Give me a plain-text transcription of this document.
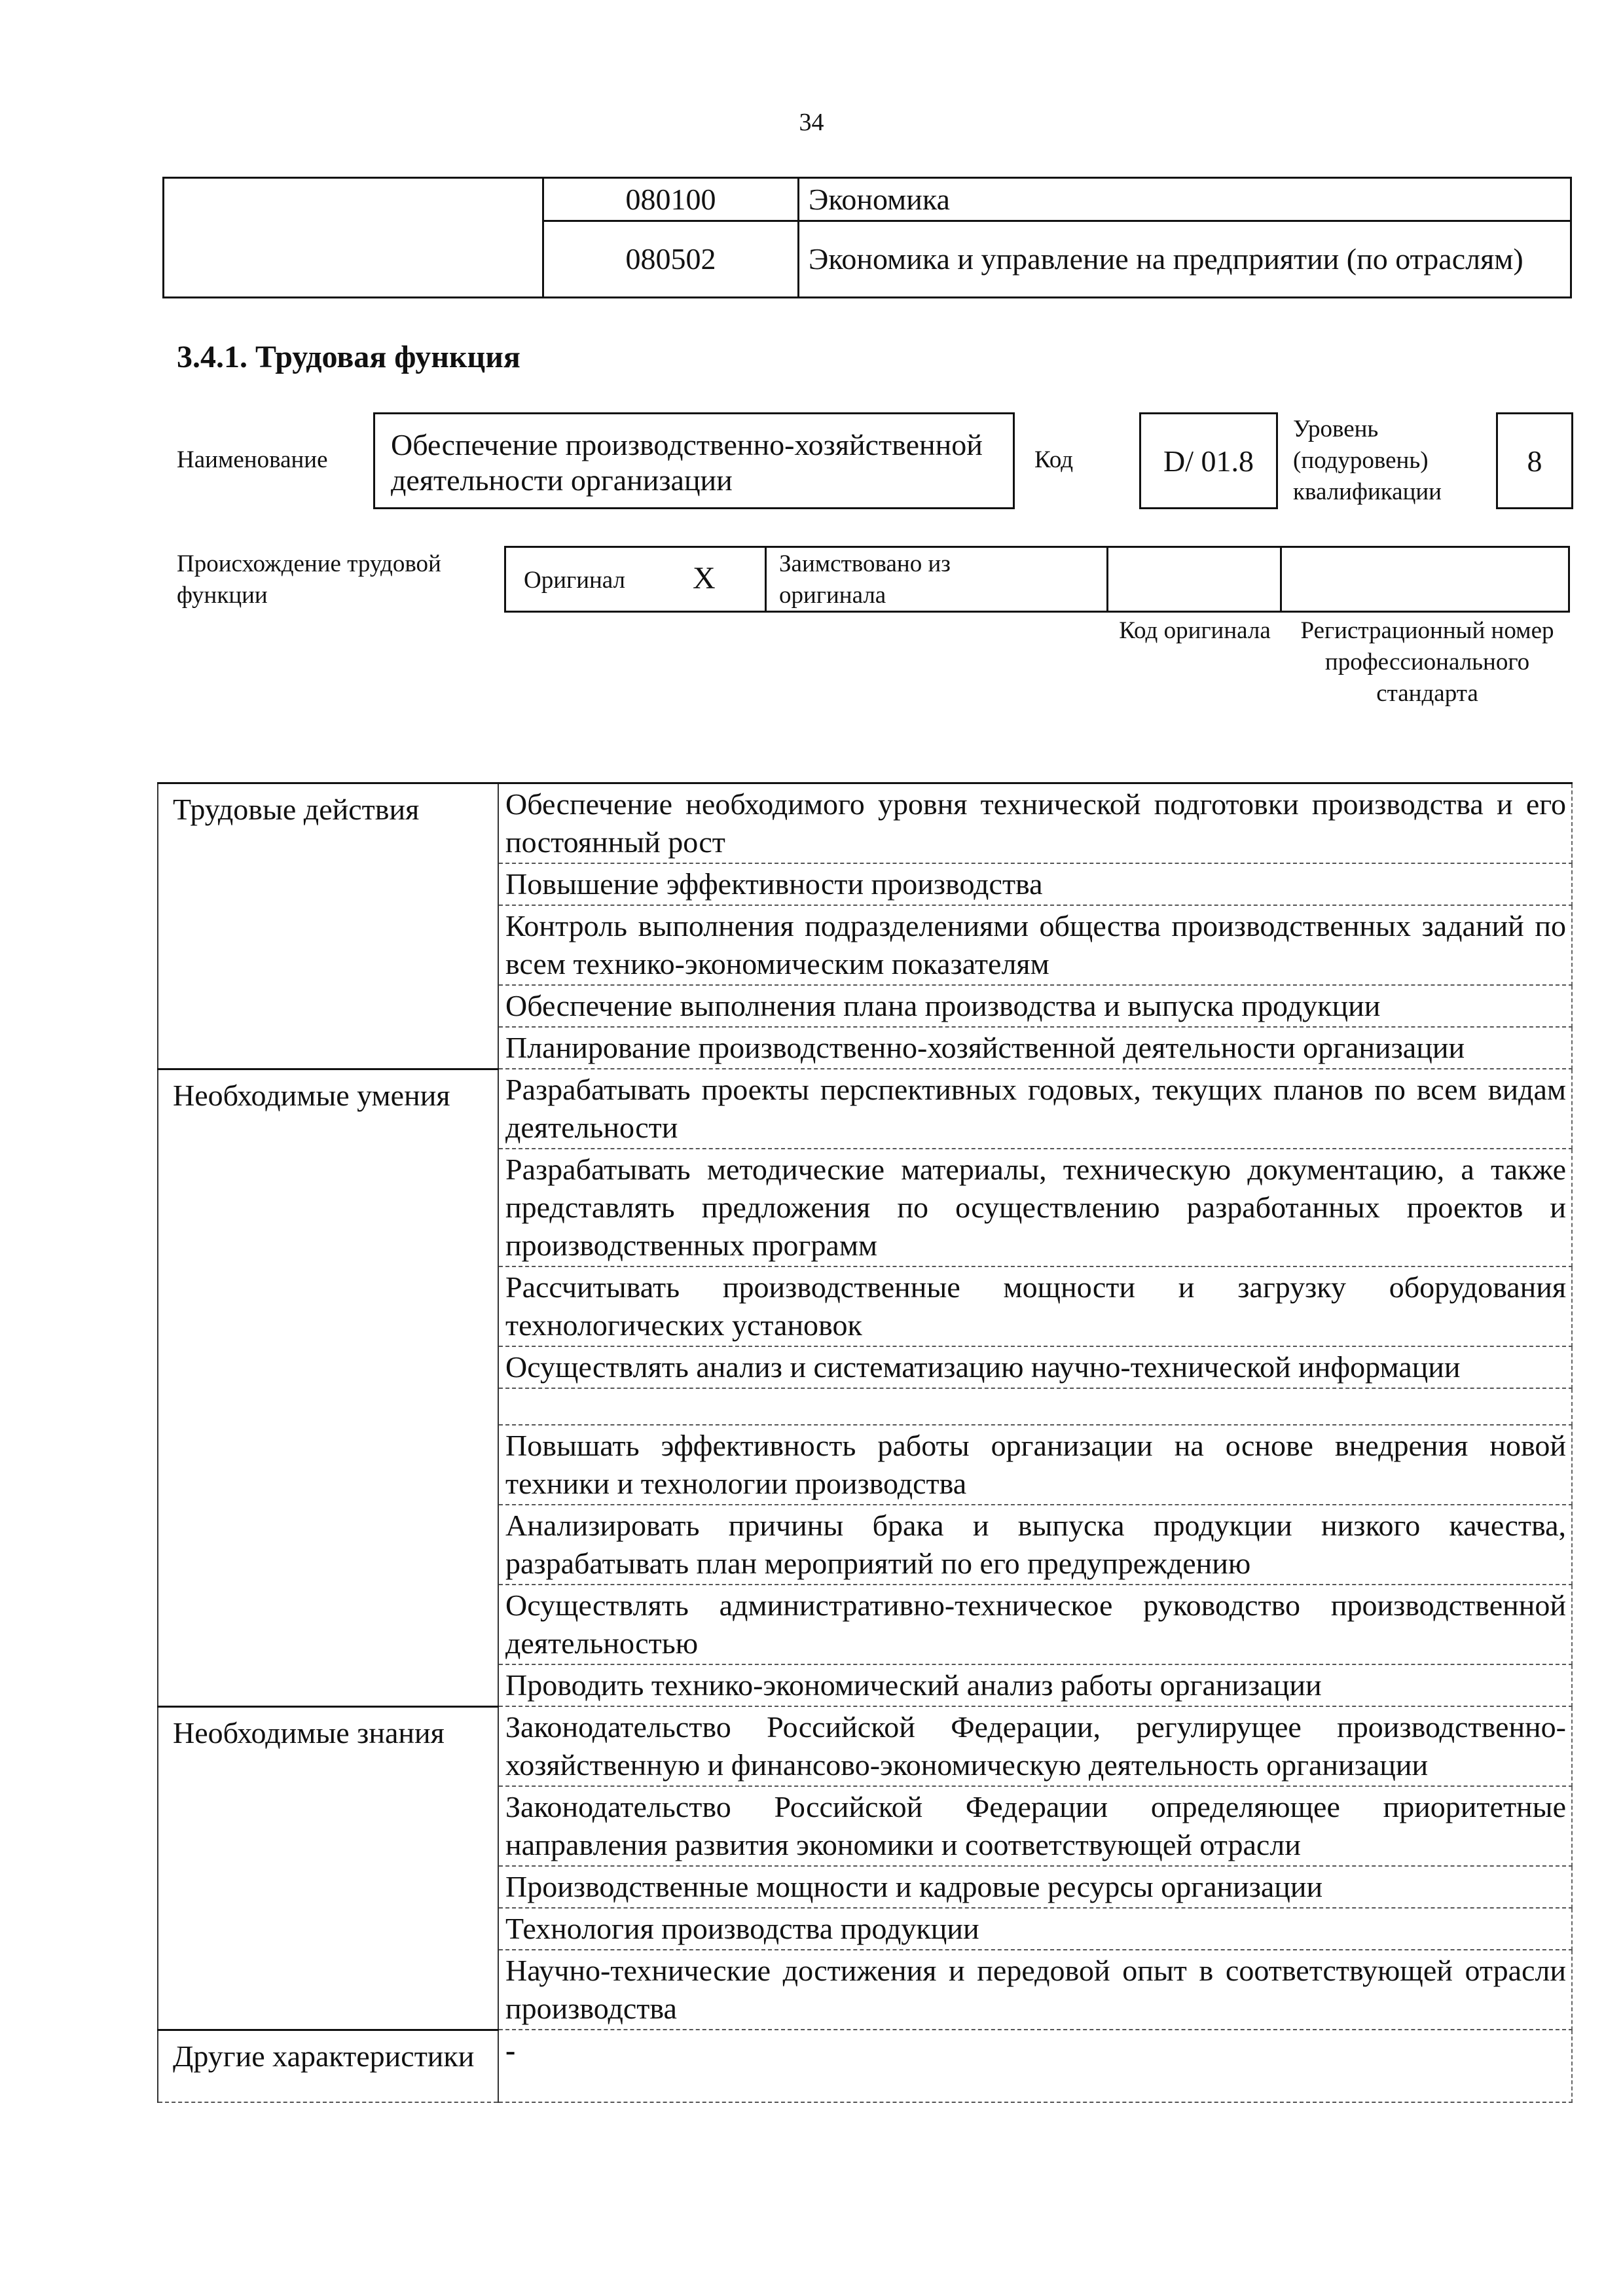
34
	080100	Экономика
	080502	Экономика и управление на предприятии (по отраслям)
3.4.1. Трудовая функция
Наименование	Обеспечение производственно-хозяйственной деятельности организации
Код	D/ 01.8
Уровень (подуровень) квалификации
8
Происхождение трудовой функции
Оригинал X	Заимствовано из оригинала
Код оригинала	Регистрационный номер профессионального стандарта
Трудовые действия	Обеспечение необходимого уровня технической подготовки производства и его постоянный рост
	Повышение эффективности производства
	Контроль выполнения подразделениями общества производственных заданий по всем технико-экономическим показателям
	Обеспечение выполнения плана производства и выпуска продукции
	Планирование производственно-хозяйственной деятельности организации
Необходимые умения	Разрабатывать проекты перспективных годовых, текущих планов по всем видам деятельности
	Разрабатывать методические материалы, техническую документацию, а также представлять предложения по осуществлению разработанных проектов и производственных программ
	Рассчитывать производственные мощности и загрузку оборудования технологических установок
	Осуществлять анализ и систематизацию научно-технической информации

	Повышать эффективность работы организации на основе внедрения новой техники и технологии производства
	Анализировать причины брака и выпуска продукции низкого качества, разрабатывать план мероприятий по его предупреждению
	Осуществлять административно-техническое руководство производственной деятельностью
	Проводить технико-экономический анализ работы организации
Необходимые знания	Законодательство Российской Федерации, регулирущее производственно-хозяйственную и финансово-экономическую деятельность организации
	Законодательство Российской Федерации определяющее приоритетные направления развития экономики и соответствующей отрасли
	Производственные мощности и кадровые ресурсы организации
	Технология производства продукции
	Научно-технические достижения и передовой опыт в соответствующей отрасли производства
Другие характеристики	-
